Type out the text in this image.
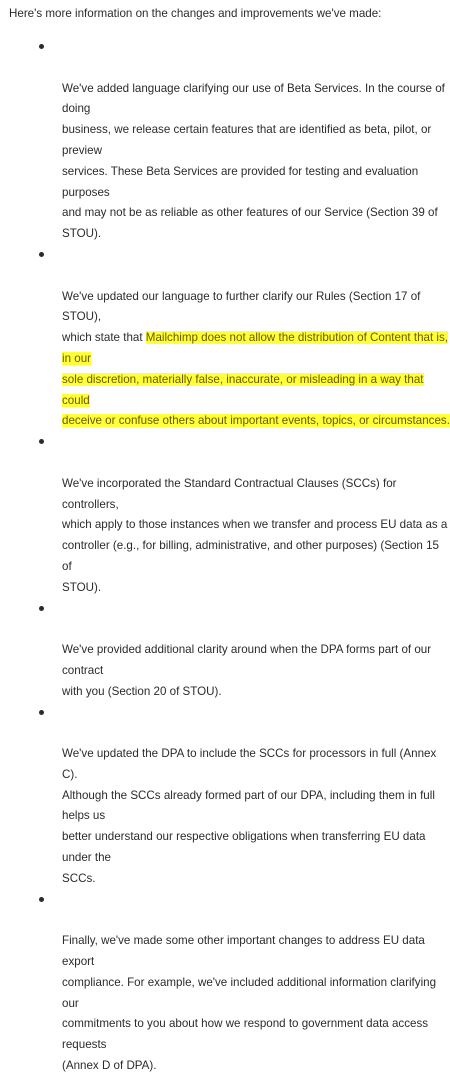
Here's more information on the changes and improvements we've made:

We've added language clarifying our use of Beta Services. In the course of doing
business, we release certain features that are identified as beta, pilot, or preview
services. These Beta Services are provided for testing and evaluation purposes
and may not be as reliable as other features of our Service (Section 39 of STOU).

We've updated our language to further clarify our Rules (Section 17 of STOU),
which state that Mailchimp does not allow the distribution of Content that is, in our
sole discretion, materially false, inaccurate, or misleading in a way that could
deceive or confuse others about important events, topics, or circumstances.

We've incorporated the Standard Contractual Clauses (SCCs) for controllers,
which apply to those instances when we transfer and process EU data as a
controller (e.g., for billing, administrative, and other purposes) (Section 15 of
STOU).

We've provided additional clarity around when the DPA forms part of our contract
with you (Section 20 of STOU).

We've updated the DPA to include the SCCs for processors in full (Annex C).
Although the SCCs already formed part of our DPA, including them in full helps us
better understand our respective obligations when transferring EU data under the
SCCs.

Finally, we've made some other important changes to address EU data export
compliance. For example, we've included additional information clarifying our
commitments to you about how we respond to government data access requests
(Annex D of DPA).
